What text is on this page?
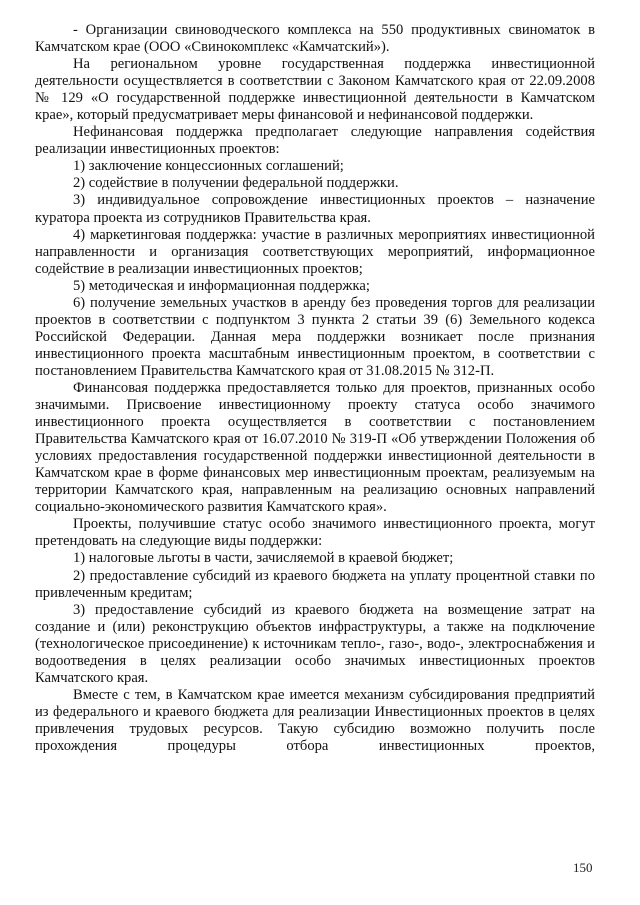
- Организации свиноводческого комплекса на 550 продуктивных свиноматок в Камчатском крае (ООО «Свинокомплекс «Камчатский»).

На региональном уровне государственная поддержка инвестиционной деятельности осуществляется в соответствии с Законом Камчатского края от 22.09.2008 № 129 «О государственной поддержке инвестиционной деятельности в Камчатском крае», который предусматривает меры финансовой и нефинансовой поддержки.

Нефинансовая поддержка предполагает следующие направления содействия реализации инвестиционных проектов:

1) заключение концессионных соглашений;

2) содействие в получении федеральной поддержки.

3) индивидуальное сопровождение инвестиционных проектов – назначение куратора проекта из сотрудников Правительства края.

4) маркетинговая поддержка: участие в различных мероприятиях инвестиционной направленности и организация соответствующих мероприятий, информационное содействие в реализации инвестиционных проектов;

5) методическая и информационная поддержка;

6) получение земельных участков в аренду без проведения торгов для реализации проектов в соответствии с подпунктом 3 пункта 2 статьи 39 (6) Земельного кодекса Российской Федерации. Данная мера поддержки возникает после признания инвестиционного проекта масштабным инвестиционным проектом, в соответствии с постановлением Правительства Камчатского края от 31.08.2015 № 312-П.

Финансовая поддержка предоставляется только для проектов, признанных особо значимыми. Присвоение инвестиционному проекту статуса особо значимого инвестиционного проекта осуществляется в соответствии с постановлением Правительства Камчатского края от 16.07.2010 № 319-П «Об утверждении Положения об условиях предоставления государственной поддержки инвестиционной деятельности в Камчатском крае в форме финансовых мер инвестиционным проектам, реализуемым на территории Камчатского края, направленным на реализацию основных направлений социально-экономического развития Камчатского края».

Проекты, получившие статус особо значимого инвестиционного проекта, могут претендовать на следующие виды поддержки:

1) налоговые льготы в части, зачисляемой в краевой бюджет;

2) предоставление субсидий из краевого бюджета на уплату процентной ставки по привлеченным кредитам;

3) предоставление субсидий из краевого бюджета на возмещение затрат на создание и (или) реконструкцию объектов инфраструктуры, а также на подключение (технологическое присоединение) к источникам тепло-, газо-, водо-, электроснабжения и водоотведения в целях реализации особо значимых инвестиционных проектов Камчатского края.

Вместе с тем, в Камчатском крае имеется механизм субсидирования предприятий из федерального и краевого бюджета для реализации Инвестиционных проектов в целях привлечения трудовых ресурсов. Такую субсидию возможно получить после прохождения процедуры отбора инвестиционных проектов,

150
